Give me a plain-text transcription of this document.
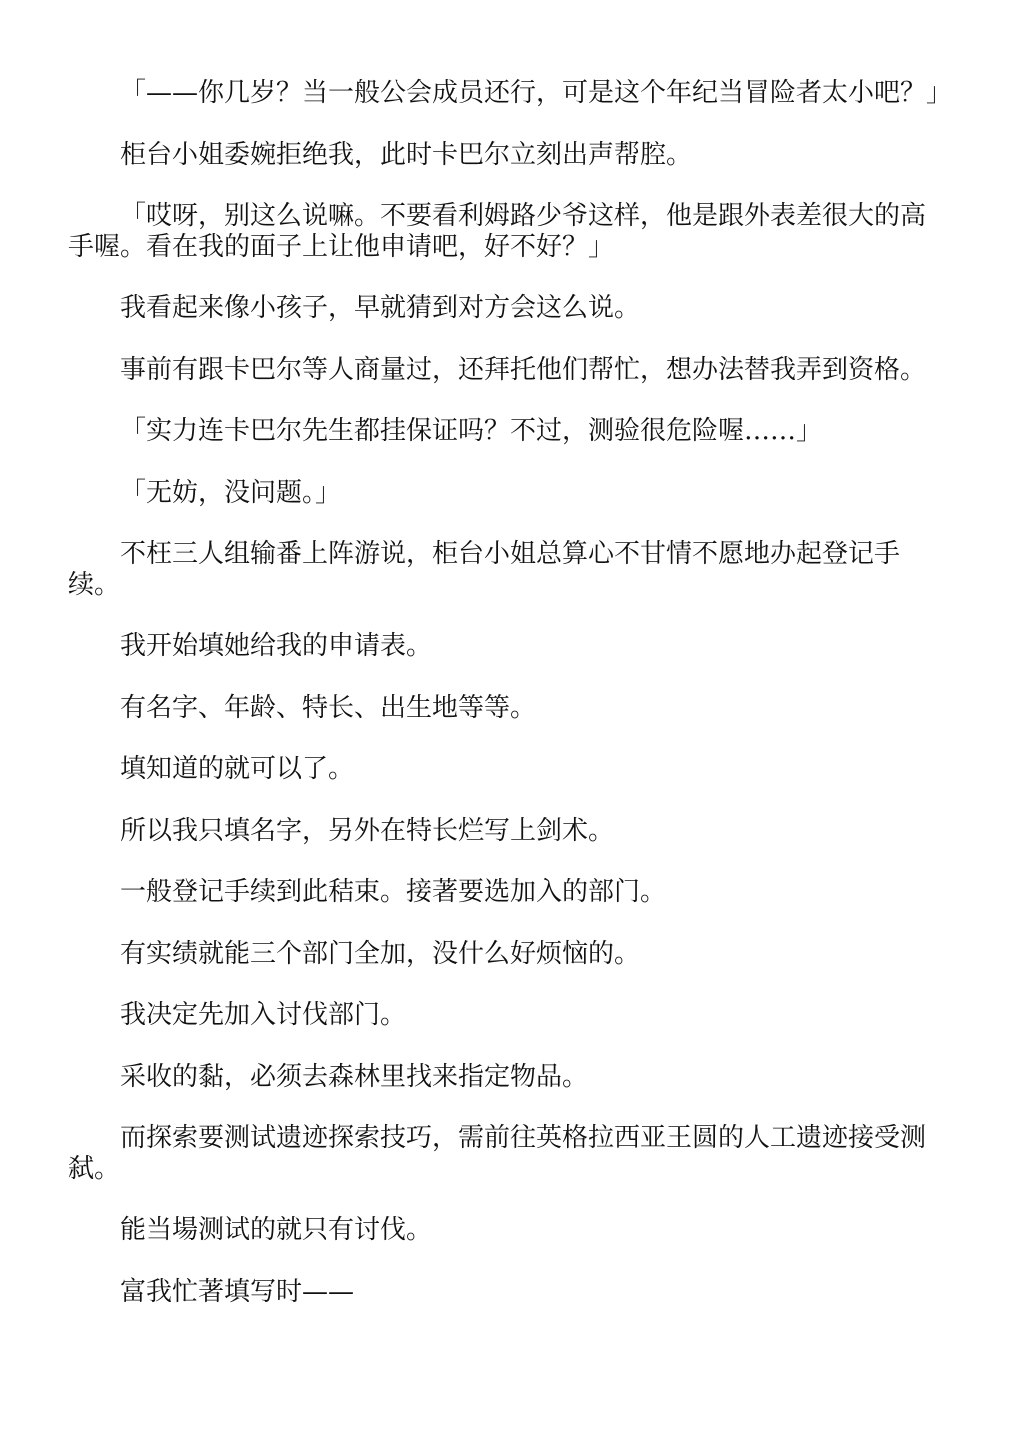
「——你几岁？当一般公会成员还行，可是这个年纪当冒险者太小吧？」

柜台小姐委婉拒绝我，此时卡巴尔立刻出声帮腔。

「哎呀，别这么说嘛。不要看利姆路少爷这样，他是跟外表差很大的高手喔。看在我的面子上让他申请吧，好不好？」

我看起来像小孩子，早就猜到对方会这么说。

事前有跟卡巴尔等人商量过，还拜托他们帮忙，想办法替我弄到资格。

「实力连卡巴尔先生都挂保证吗？不过，测验很危险喔……」

「无妨，没问题。」

不枉三人组输番上阵游说，柜台小姐总算心不甘情不愿地办起登记手续。

我开始填她给我的申请表。

有名字、年龄、特长、出生地等等。

填知道的就可以了。

所以我只填名字，另外在特长烂写上剑术。

一般登记手续到此秸束。接著要选加入的部门。

有实绩就能三个部门全加，没什么好烦恼的。

我决定先加入讨伐部门。

采收的黏，必须去森林里找来指定物品。

而探索要测试遗迹探索技巧，需前往英格拉西亚王圆的人工遗迹接受测弑。

能当場测试的就只有讨伐。

富我忙著填写时——
